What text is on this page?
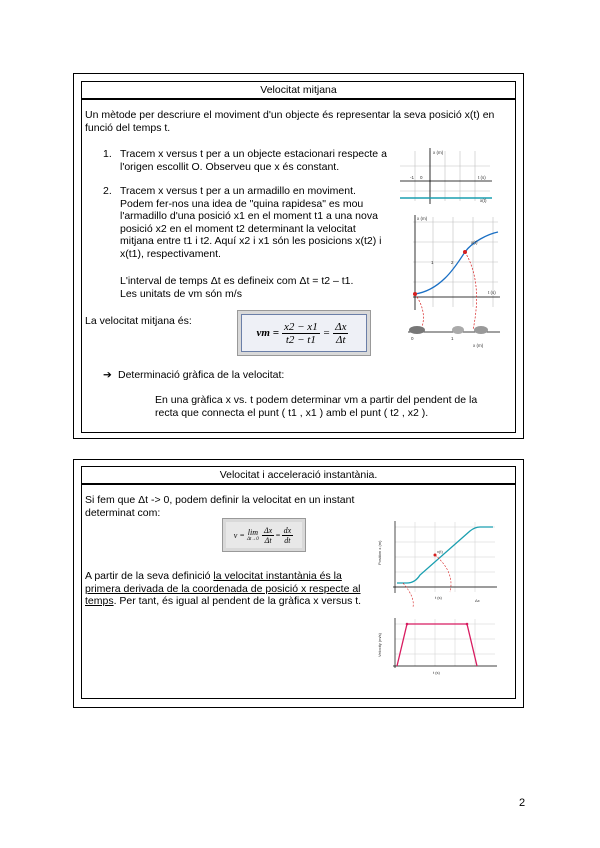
Velocitat mitjana
Un mètode per descriure el moviment d'un objecte és representar la seva posició x(t) en funció del temps t.
1. Tracem x versus t per a un objecte estacionari respecte a l'origen escollit O. Observeu que x és constant.
2. Tracem x versus t per a un armadillo en moviment. Podem fer-nos una idea de "quina rapidesa" es mou l'armadillo d'una posició x1 en el moment t1 a una nova posició x2 en el moment t2 determinant la velocitat mitjana entre t1 i t2. Aquí x2 i x1 són les posicions x(t2) i x(t1), respectivament.
L'interval de temps Δt es defineix com Δt = t2 – t1.
Les unitats de vm són m/s
La velocitat mitjana és:
vm = $\frac{x2 - x1}{t2 - t1} = \frac{\Delta x}{\Delta t}$
➔ Determinació gràfica de la velocitat:
En una gràfica x vs. t podem determinar vm a partir del pendent de la recta que connecta el punt ( t1 , x1 ) amb el punt ( t2 , x2 ).
x (m)
t (s)
x(t)
-1 0
x (m)
t (s)
1	2
x(t)
0	1
x (m)
Velocitat i acceleració instantània.
Si fem que Δt -> 0, podem definir la velocitat en un instant determinat com:
v = lim
$\Delta t\to 0 \frac{\Delta x}{\Delta t} = \frac{dx}{dt}$
A partir de la seva definició la velocitat instantània és la primera derivada de la coordenada de posició x respecte al temps. Per tant, és igual al pendent de la gràfica x versus t.
Position x (m)	x(t)
t (s)
Δx
Velocity (m/s)
t (s)
2
